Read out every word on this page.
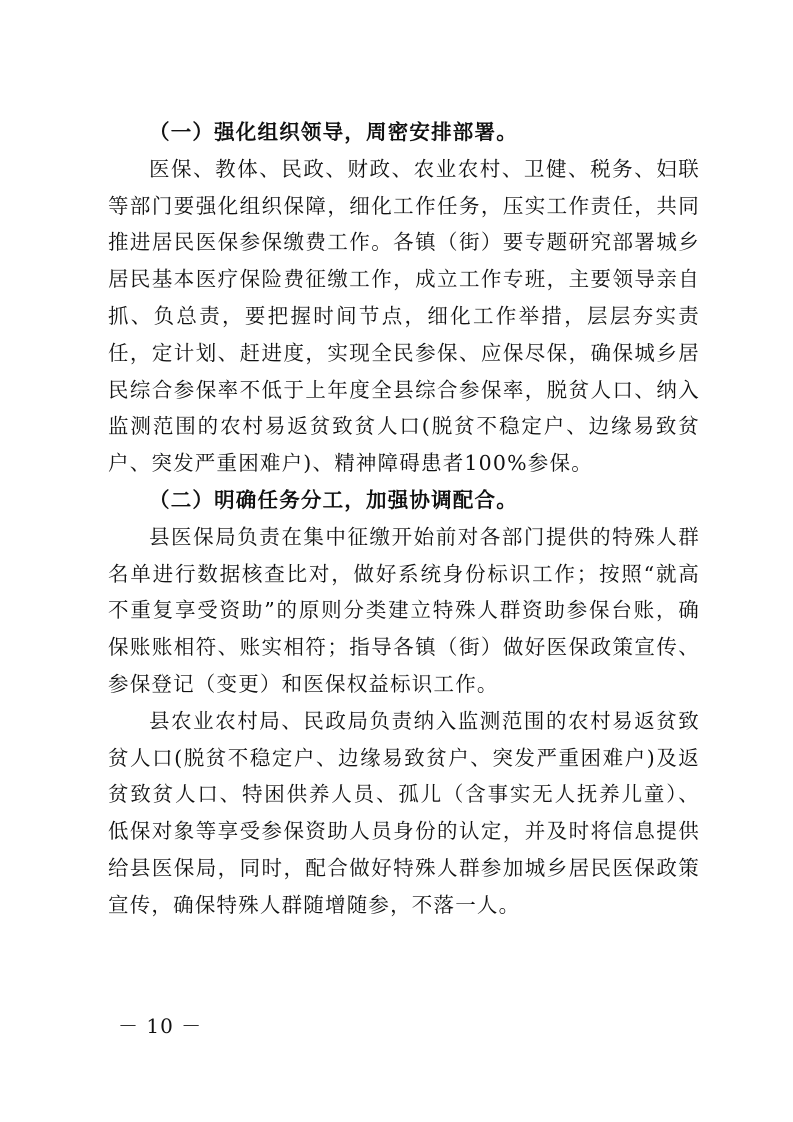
（一）强化组织领导，周密安排部署。

医保、教体、民政、财政、农业农村、卫健、税务、妇联等部门要强化组织保障，细化工作任务，压实工作责任，共同推进居民医保参保缴费工作。各镇（街）要专题研究部署城乡居民基本医疗保险费征缴工作，成立工作专班，主要领导亲自抓、负总责，要把握时间节点，细化工作举措，层层夯实责任，定计划、赶进度，实现全民参保、应保尽保，确保城乡居民综合参保率不低于上年度全县综合参保率，脱贫人口、纳入监测范围的农村易返贫致贫人口(脱贫不稳定户、边缘易致贫户、突发严重困难户)、精神障碍患者100%参保。

（二）明确任务分工，加强协调配合。

县医保局负责在集中征缴开始前对各部门提供的特殊人群名单进行数据核查比对，做好系统身份标识工作；按照“就高不重复享受资助”的原则分类建立特殊人群资助参保台账，确保账账相符、账实相符；指导各镇（街）做好医保政策宣传、参保登记（变更）和医保权益标识工作。

县农业农村局、民政局负责纳入监测范围的农村易返贫致贫人口(脱贫不稳定户、边缘易致贫户、突发严重困难户)及返贫致贫人口、特困供养人员、孤儿（含事实无人抚养儿童）、低保对象等享受参保资助人员身份的认定，并及时将信息提供给县医保局，同时，配合做好特殊人群参加城乡居民医保政策宣传，确保特殊人群随增随参，不落一人。

－ 10 －
